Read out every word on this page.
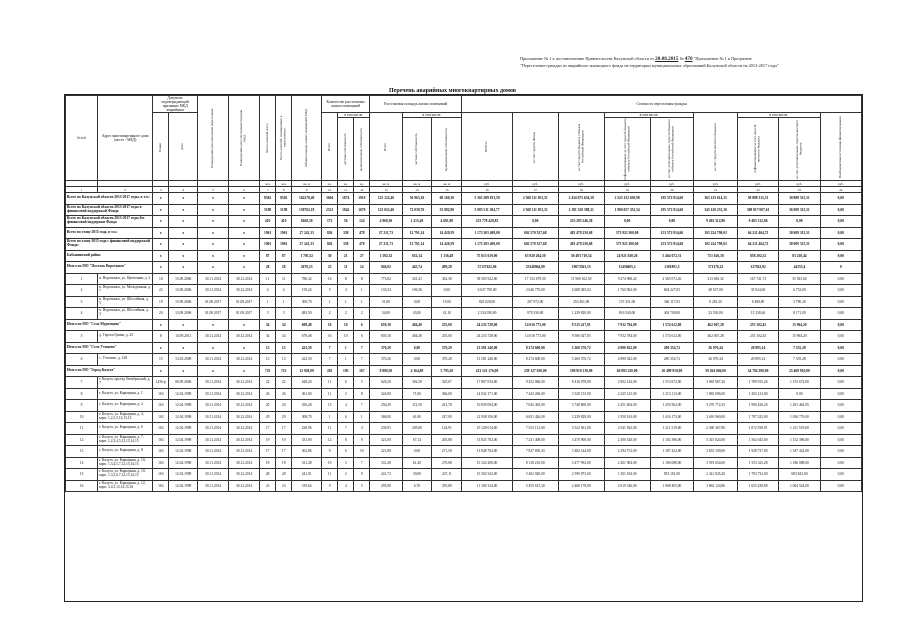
Приложение № 1 к постановлению Правительства Калужской области от 20.08.2015 № 470 "Приложение № 1 к Программе
"Переселение граждан из аварийного жилищного фонда на территории муниципальных образований Калужской области на 2013-2017 годы"
Перечень аварийных многоквартирных домов
№ п/п	Адрес многоквартирного дома (место - МКД)	Документ, подтверждающий признание МКД аварийным		Планируемая дата окончания переселения	Планируемая дата сноса/реконструкции МКД	Число жителей всего	Число жителей, планируемых к переселению	Общая площадь жилых помещений МКД	Количество расселяемых жилых помещений			Расселяемая площадь жилых помещений			Стоимость переселения граждан								

		Номер	Дата						Всего	в том числе:		Всего	в том числе:		ВСЕГО	за счет средств Фонда	за счет средств бюджета субъекта Российской Федерации	в том числе:		за счет средств местного бюджета	в том числе:		Внебюджетные источники финансирования

										частная собственность	муниципальная собственность		частная собственность	муниципальная собственность				софинансирование за счет средств бюджета субъекта Российской Федерации	за счет дополнительных средств бюджета субъекта Российской Федерации		софинансирование за счет средств местного бюджета	за счет дополнительных средств местного бюджета	

						чел.	чел.	кв. м	ед.	ед.	ед.	кв. м	кв. м	кв. м	руб.	руб.	руб.	руб.	руб.	руб.	руб.	руб.	руб.
1	2	3	4	5	6	7	8	9	10	11	12	13	14	15	16	17	18	19	20	21	22	23	24
Всего по Калужской области 2013-2017 годы, в т.ч.:		x	x	x	x	8502	8502	162270,49	3604	1874	1919	125 122,40	56 963,10	68 160,30	5 365 289 813,59	2 568 111 053,31	2 434 675 634,59	2 225 152 630,98	105 572 914,60	363 125 614,15	38 888 315,51	30 888 315,51	0,00
Всего по Калужской области 2013-2017 годы в финансовой поддержкой Фонда		x	x	x	x	5198	5198	150702,18	2521	1842	1679	125 022,40	72 039,70	55 982,90	5 085 511 384,77	2 568 111 053,31	2 181 520 388,21	1 986 057 352,54	195 572 914,60	345 120 231,30	308 817 007,61	36 909 315,51	0,00
Всего по Калужской области 2013-2017 годы без финансовой поддержки Фонда		x	x	x	x	410	410	6168,30	172	56	124	4 960,50	1 215,40	4 681,80	253 778 428,82	0,00	253 285 246,38	0,00	0,00	9 403 312,86	9 403 312,86	0,00	0,00
Всего по этапу 2015 года, в т.ч.:		x	x	x	x	1961	1961	27 241,33	826	358	478	27 211,73	12 791,14	14 420,59	1 175 203 409,00	602 570 327,68	481 478 250,68	373 923 300,00	153 572 914,60	103 224 790,63	64 211 464,72	38 609 315,51	0,00
Всего по этапу 2015 года с финансовой поддержкой Фонда:		x	x	x	x	1961	1961	27 241,33	826	358	478	27 211,73	12 791,14	14 420,59	1 175 203 409,00	602 570 327,68	481 478 250,68	373 923 300,00	153 572 914,60	102 224 790,63	64 211 464,72	38 009 315,51	0,00
Бабынинский район		x	x	x	x	87	87	1 705,52	30	21	27	1 592,32	652,14	1 136,48	75 813 619,00	63 928 264,50	30 493 719,54	24 921 638,20	5 464 672,31	751 626,18	858 202,52	83 218,44	0,00
Итого по МО "Поселок Воротынск"		x	x	x	x	28	28	2670,23	23	11	14	946,02	445,74	499,28	37157622,96	23348064,80	10673363,55	11456605,2	1301891,5	371376,22	327022,92	44353,4	0
1	п. Воротынск, ул. Цветочная, д. 2	10	13.09.2006	30.11.2014	30.12.2014	11	11	786,32	16	8	8	773,82	341,41	432,38	39 303 922,00	17 152 679,50	11 960 102,50	9 274 968,24	2 365 072,26	213 665,32	167 741,73	35 923,60	0,00
2	п. Воротынск, ул. Молодежная, д. 7	22	13.09.2006	30.11.2014	30.12.2014	4	4	159,24	5	4	1	133,54	106,36	0,00	6 637 790,00	2 646 770,00	2 608 385,04	1 760 962,00	604 227,05	48 537,00	35 924,60	6 752,00	0,00
3	п. Воротынск, ул. Шоссейная, д. 5	19	13.09.2006	01.08.2017	01.09.2017	1	1	300,70	1	1	1	31,00	0,00	19,00	825 020,00	267 872,00	253 461,00	157 451,00	366 117,03	8 281,20	6 490,80	3 790,20	0,00
4	п. Воротынск, ул. Шоссейная, д. 3	20	13.09.2006	01.08.2017	01.09.2017	3	3	483,50	2	2	2	54,00	43,00	41,10	2 334 030,00	970 330,00	1 239 820,00	816 540,00	404 700,00	23 530,00	15 238,46	8 171,00	0,00
Итого по МО "Село Муромцево"		x	x	x	x	34	34	698,48	16	10	6	659,10	404,40	255,00	24 233 728,00	14 016 773,00	9 515 417,81	7 932 784,00	1 574 612,00	462 067,28	255 102,45	15 964,20	0,00
5	д. Терехи Гривы, д. 23	8	13.09.2011	30.11.2014	30.12.2014	34	34	679,48	16	10	6	659,10	404,40	255,00	24 233 728,00	14 016 773,00	9 506 027,05	7 932 784,00	1 574 612,00	462 067,28	255 102,45	15 964,20	0,00
Итого по МО "Село Утешево"		x	x	x	x	13	13	423,50	7	1	7	370,20	0,00	370,20	13 581 240,00	8 274 600,00	5 260 376,72	4 980 022,00	280 354,72	26 070,44	20 895,14	7 355,28	0,00
6	с. Утешево, д. 128	15	13.03.2008	30.11.2014	30.12.2014	13	13	423,50	7	1	7	370,20	0,00	370,20	13 581 240,00	8 274 600,00	5 260 376,72	4 980 022,00	280 354,72	26 070,44	20 895,14	7 355,28	0,00
Итого по МО "Город Калуга"		x	x	x	x	723	723	12 928,09	202	195	167	9 880,50	4 164,80	5 795,20	413 521 176,00	259 127 630,00	190 910 130,00	66 883 220,00	20 499 910,00	59 264 066,00	54 784 290,00	25 469 910,00	0,00
7	г. Калуга, проезд Октябрьский, д. 7	1256-р	06.09.2006	30.11.2014	30.12.2014	22	22	628,20	11	6	5	628,20	302,58	325,67	17 867 034,00	9 452 066,00	8 416 078,00	2 902 144,00	1 513 672,00	3 963 967,26	1 789 915,26	1 153 672,00	0,00
8	г. Калуга, ул. Карьерная, д. 1	163	12.04.1998	30.11.2014	30.12.2014	26	26	361,00	11	3	8	324,00	71,00	366,00	14 032 171,00	7 443 260,00	3 328 153,00	2 225 125,00	1 213 113,00	1 965 096,00	1 203 213,00	0,00	0,00
9	г. Калуга, ул. Карьерная, д. 2	163	12.04.1998	30.11.2014	30.12.2014	20	20	356,28	13	4	7	250,29	112,50	241,78	10 839 094,00	7 043 405,00	3 748 860,00	2 451 604,00	1 250 562,00	3 270 772,35	1 990 420,20	1 281 462,95	0,00
10	г. Калуга, ул. Карьерная, д. 4, корп. 1,2,3,5,12,13,15	163	12.04.1998	30.11.2014	30.12.2014	29	29	308,70	1	6	1	368,00	61,00	247,00	12 938 356,00	6 651 426,00	3 239 828,00	1 950 163,00	1 416 173,00	3 610 960,00	1 797 325,00	1 036 776,00	0,00
11	г. Калуга, ул. Карьерная, д. 6	163	12.04.1998	30.11.2014	30.12.2014	17	17	238,96	11	7	4	239,91	205,00	124,91	10 128 014,00	7 013 112,00	5 522 561,00	2 541 922,00	1 211 519,00	2 360 367,86	1 072 930,91	1 211 519,00	0,00
12	г. Калуга, ул. Карьерная, д. 7, корп. 1,2,3,4,5,12,13,14,15	163	12.04.1998	30.11.2014	30.12.2014	19	19	331,00	12	8	9	321,00	67,14	205,80	13 823 792,00	7 231 408,00	3 470 900,00	2 300 520,00	1 102 396,00	3 415 024,00	1 562 645,00	1 152 396,00	0,00
13	г. Калуга, ул. Карьерная, д. 8	163	12.04.1998	30.11.2014	30.12.2014	17	17	302,86	9	6	10	321,80	0,00	271,50	13 848 704,00	7 827 850,43	3 482 144,00	2 294 572,00	1 187 422,00	3 653 100,00	1 928 737,00	1 187 422,00	0,00
14	г. Калуга, ул. Карьерная, д. 10, корп. 1,3,4,5,7,12,13,14,15	163	12.04.1998	30.11.2014	30.12.2014	18	18	331,28	10	3	7	331,28	61,20	270,08	15 524 200,00	8 118 210,00	3 477 992,00	2 201 904,00	1 186 088,00	3 919 654,00	1 553 323,28	1 186 088,00	0,00
15	г. Калуга, ул. Карьерная, д. 10, корп. 1,3,5,6,7,12,13,14,15	163	12.04.1998	30.11.2014	30.12.2014	28	28	241,01	11	2	9	241,73	39,00	247,11	10 302 542,00	5 402 920,00	2 599 873,00	1 301 184,00	853 181,00	2 341 845,20	1 793 732,00	683 843,00	0,00
16	г. Калуга, ул. Карьерная, д. 12, корп. 3,4,5,13,14,15,16	163	12.04.1998	30.11.2014	30.12.2014	23	23	319,64	9	4	5	295,80	6,70	295,80	11 180 124,00	5 455 615,30	2 468 178,00	2 019 326,00	1 008 405,00	3 863 124,86	1 655 438,80	1 064 524,00	0,00
